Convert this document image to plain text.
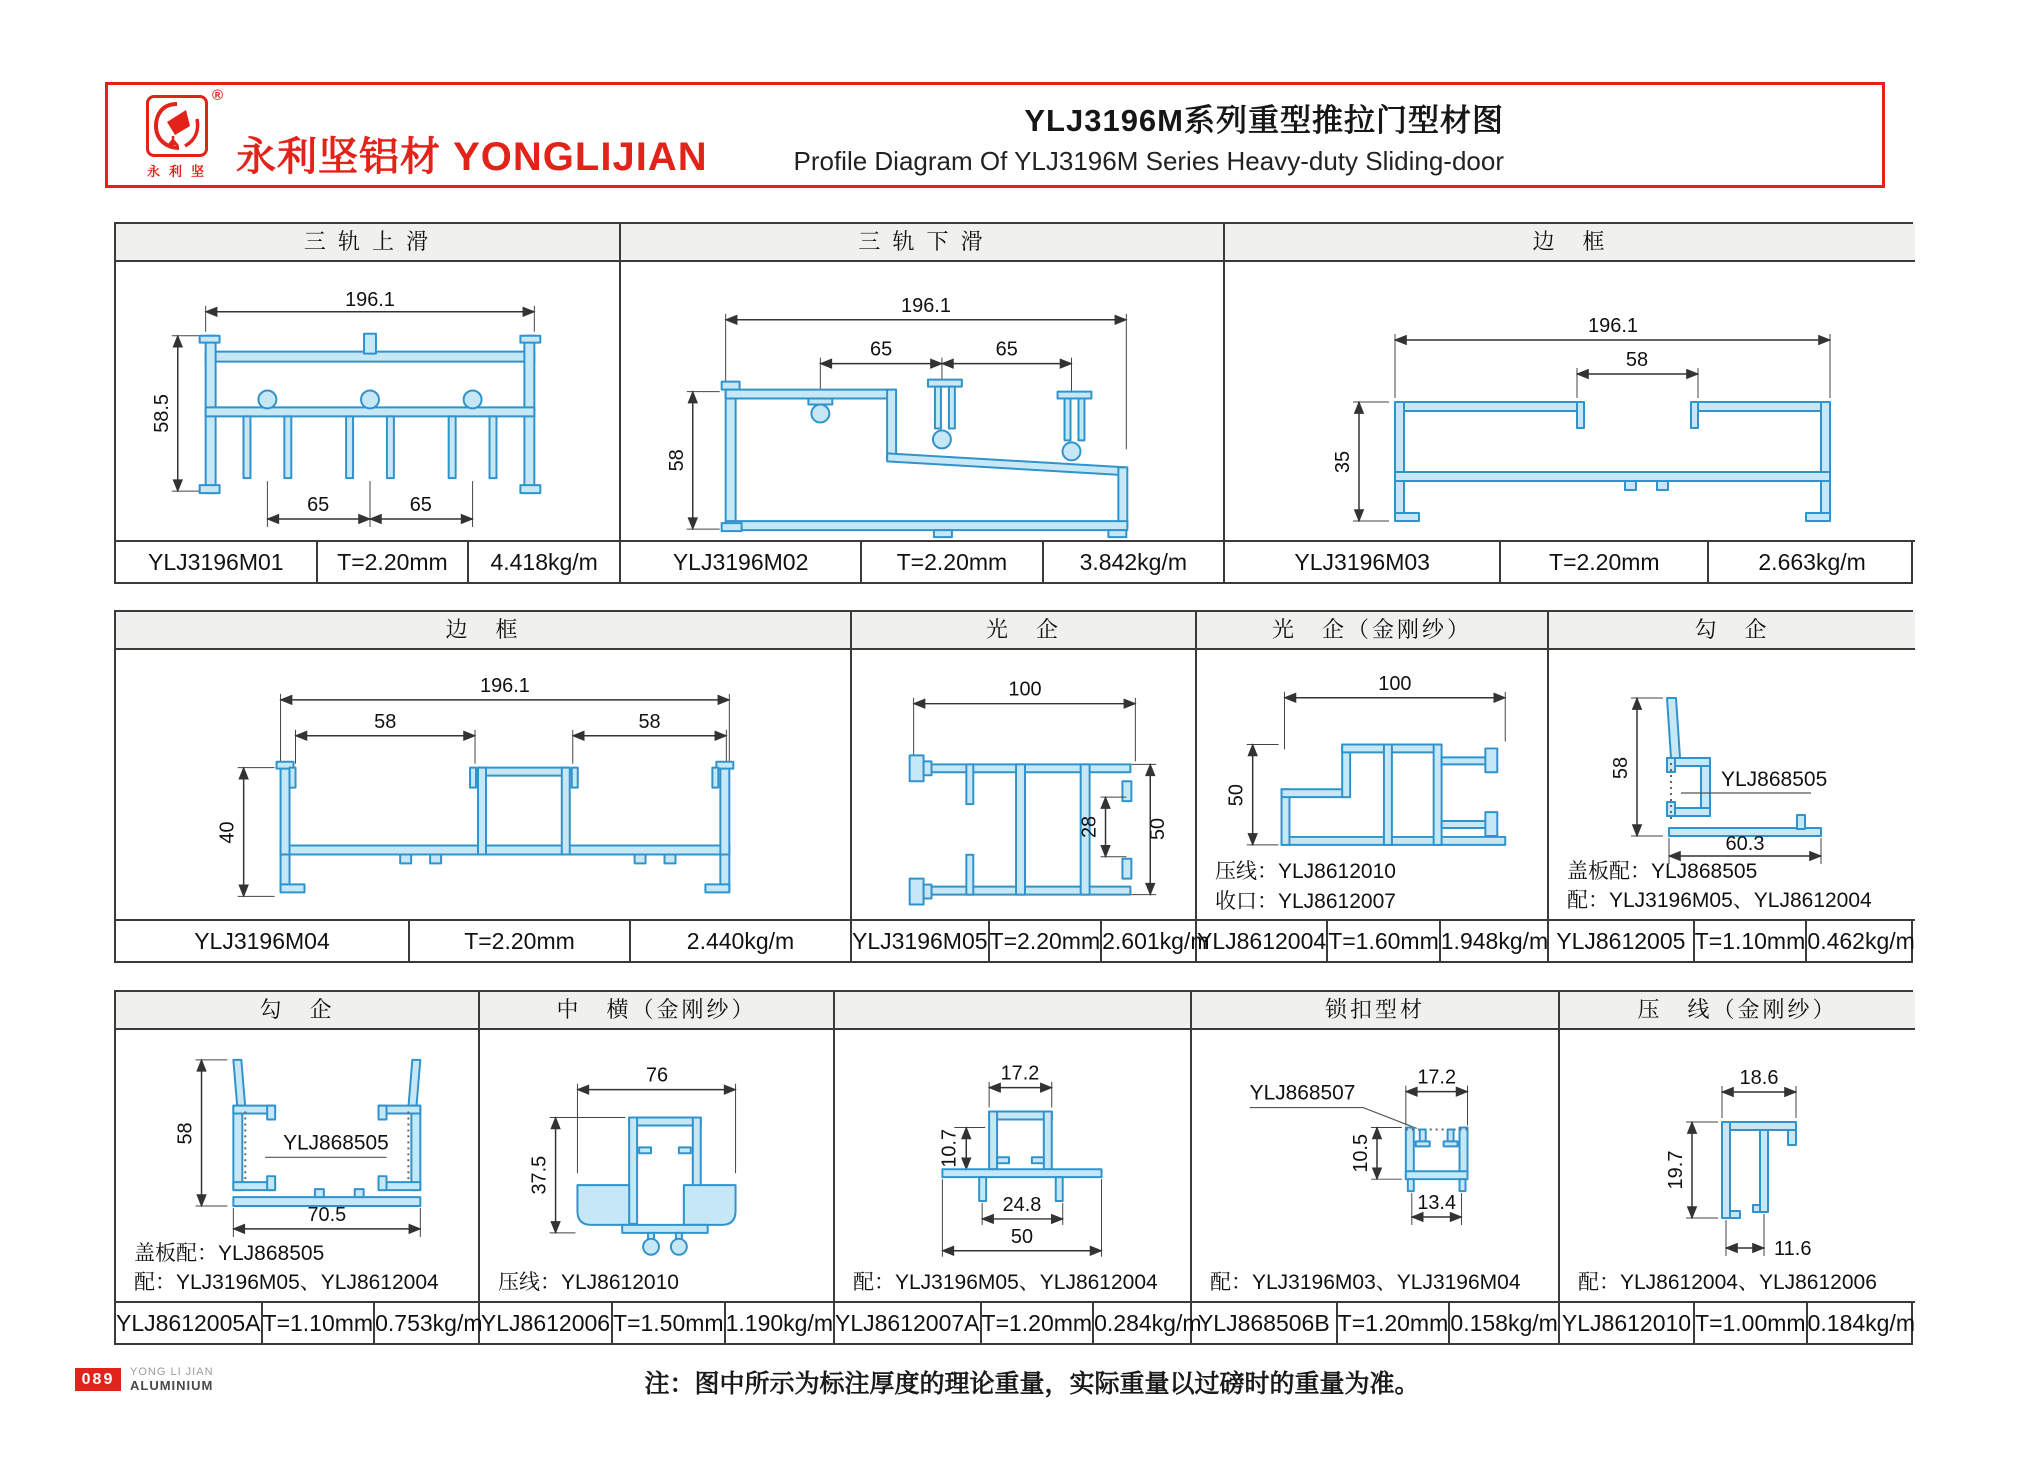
®
永利坚 永利坚铝材 YONGLIJIAN
YLJ3196M系列重型推拉门型材图
Profile Diagram Of YLJ3196M Series Heavy-duty Sliding-door
三 轨 上 滑
196.1
58.5
65	65
YLJ3196M01	T=2.20mm	4.418kg/m
三 轨 下 滑
196.1
65	65
58
YLJ3196M02	T=2.20mm	3.842kg/m
边　框
196.1
58
35
YLJ3196M03	T=2.20mm	2.663kg/m
边　框
196.1
58	58
40
YLJ3196M04	T=2.20mm	2.440kg/m
光　企
100
28 50
YLJ3196M05 T=2.20mm 2.601kg/m
光　企（金刚纱）
100
50
压线：YLJ8612010
收口：YLJ8612007
YLJ8612004 T=1.60mm 1.948kg/m
勾　企
58
60.3
YLJ868505
盖板配：YLJ868505
配：YLJ3196M05、YLJ8612004
YLJ8612005 T=1.10mm 0.462kg/m
勾　企
58
70.5
YLJ868505
盖板配：YLJ868505
配：YLJ3196M05、YLJ8612004
YLJ8612005A T=1.10mm 0.753kg/m
中　横（金刚纱）
76
37.5
压线：YLJ8612010
YLJ8612006 T=1.50mm 1.190kg/m
17.2
10.7
24.8
50
配：YLJ3196M05、YLJ8612004
YLJ8612007A T=1.20mm 0.284kg/m
锁扣型材
YLJ868507
17.2
10.5
13.4
配：YLJ3196M03、YLJ3196M04
YLJ868506B T=1.20mm 0.158kg/m
压　线（金刚纱）
18.6
19.7
11.6
配：YLJ8612004、YLJ8612006
YLJ8612010 T=1.00mm 0.184kg/m
089	YONG LI JIAN
ALUMINIUM	注：图中所示为标注厚度的理论重量，实际重量以过磅时的重量为准。
